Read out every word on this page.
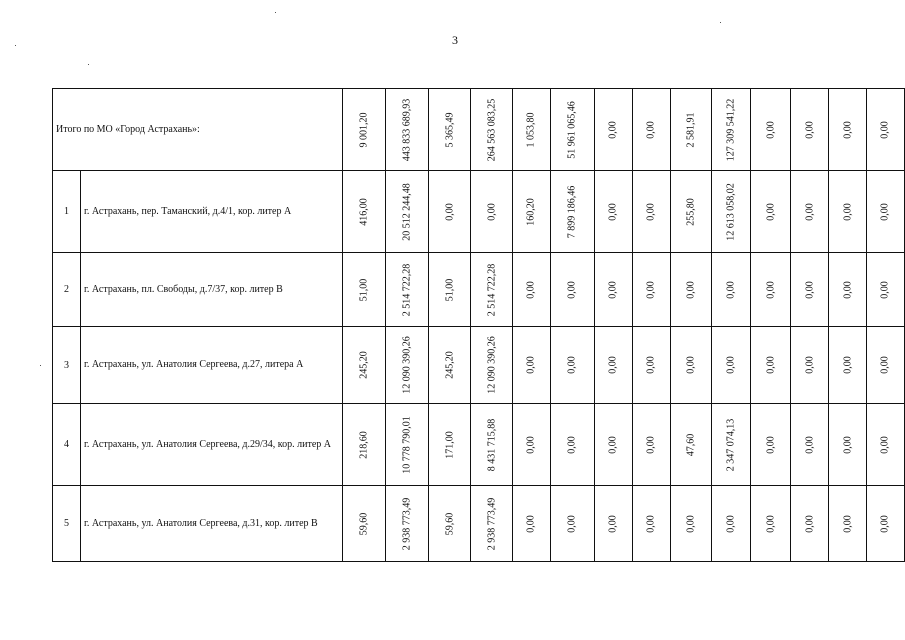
3
Итого по МО «Город Астрахань»:		9 001,20	443 833 689,93	5 365,49	264 563 083,25	1 053,80	51 961 065,46	0,00	0,00	2 581,91	127 309 541,22	0,00	0,00	0,00	0,00

1	г. Астрахань, пер. Таманский, д.4/1, кор. литер А	416,00	20 512 244,48	0,00	0,00	160,20	7 899 186,46	0,00	0,00	255,80	12 613 058,02	0,00	0,00	0,00	0,00

2	г. Астрахань, пл. Свободы, д.7/37, кор. литер В	51,00	2 514 722,28	51,00	2 514 722,28	0,00	0,00	0,00	0,00	0,00	0,00	0,00	0,00	0,00	0,00

3	г. Астрахань, ул. Анатолия Сергеева, д.27, литера А	245,20	12 090 390,26	245,20	12 090 390,26	0,00	0,00	0,00	0,00	0,00	0,00	0,00	0,00	0,00	0,00

4	г. Астрахань, ул. Анатолия Сергеева, д.29/34, кор. литер А	218,60	10 778 790,01	171,00	8 431 715,88	0,00	0,00	0,00	0,00	47,60	2 347 074,13	0,00	0,00	0,00	0,00

5	г. Астрахань, ул. Анатолия Сергеева, д.31, кор. литер В	59,60	2 938 773,49	59,60	2 938 773,49	0,00	0,00	0,00	0,00	0,00	0,00	0,00	0,00	0,00	0,00
